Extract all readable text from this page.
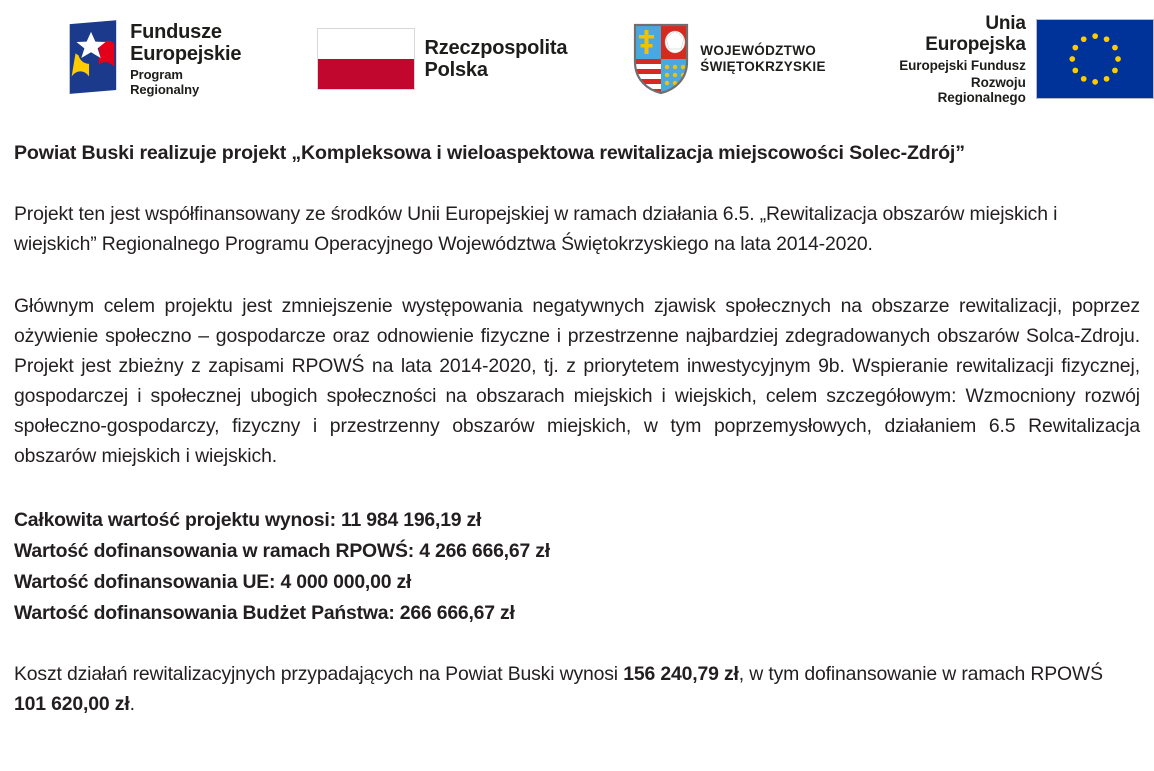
Fundusze
Europejskie
Program Regionalny
Rzeczpospolita
Polska
WOJEWÓDZTWO
ŚWIĘTOKRZYSKIE
Unia Europejska
Europejski Fundusz
Rozwoju Regionalnego

Powiat Buski realizuje projekt „Kompleksowa i wieloaspektowa rewitalizacja miejscowości Solec-Zdrój”

Projekt ten jest współfinansowany ze środków Unii Europejskiej w ramach działania 6.5. „Rewitalizacja obszarów miejskich i wiejskich” Regionalnego Programu Operacyjnego Województwa Świętokrzyskiego na lata 2014-2020.

Głównym celem projektu jest zmniejszenie występowania negatywnych zjawisk społecznych na obszarze rewitalizacji, poprzez ożywienie społeczno – gospodarcze oraz odnowienie fizyczne i przestrzenne najbardziej zdegradowanych obszarów Solca-Zdroju. Projekt jest zbieżny z zapisami RPOWŚ na lata 2014-2020, tj. z priorytetem inwestycyjnym 9b. Wspieranie rewitalizacji fizycznej, gospodarczej i społecznej ubogich społeczności na obszarach miejskich i wiejskich, celem szczegółowym: Wzmocniony rozwój społeczno-gospodarczy, fizyczny i przestrzenny obszarów miejskich, w tym poprzemysłowych, działaniem 6.5 Rewitalizacja obszarów miejskich i wiejskich.

Całkowita wartość projektu wynosi: 11 984 196,19 zł

Wartość dofinansowania w ramach RPOWŚ: 4 266 666,67 zł

Wartość dofinansowania UE: 4 000 000,00 zł

Wartość dofinansowania Budżet Państwa: 266 666,67 zł

Koszt działań rewitalizacyjnych przypadających na Powiat Buski wynosi 156 240,79 zł, w tym dofinansowanie w ramach RPOWŚ 101 620,00 zł.
